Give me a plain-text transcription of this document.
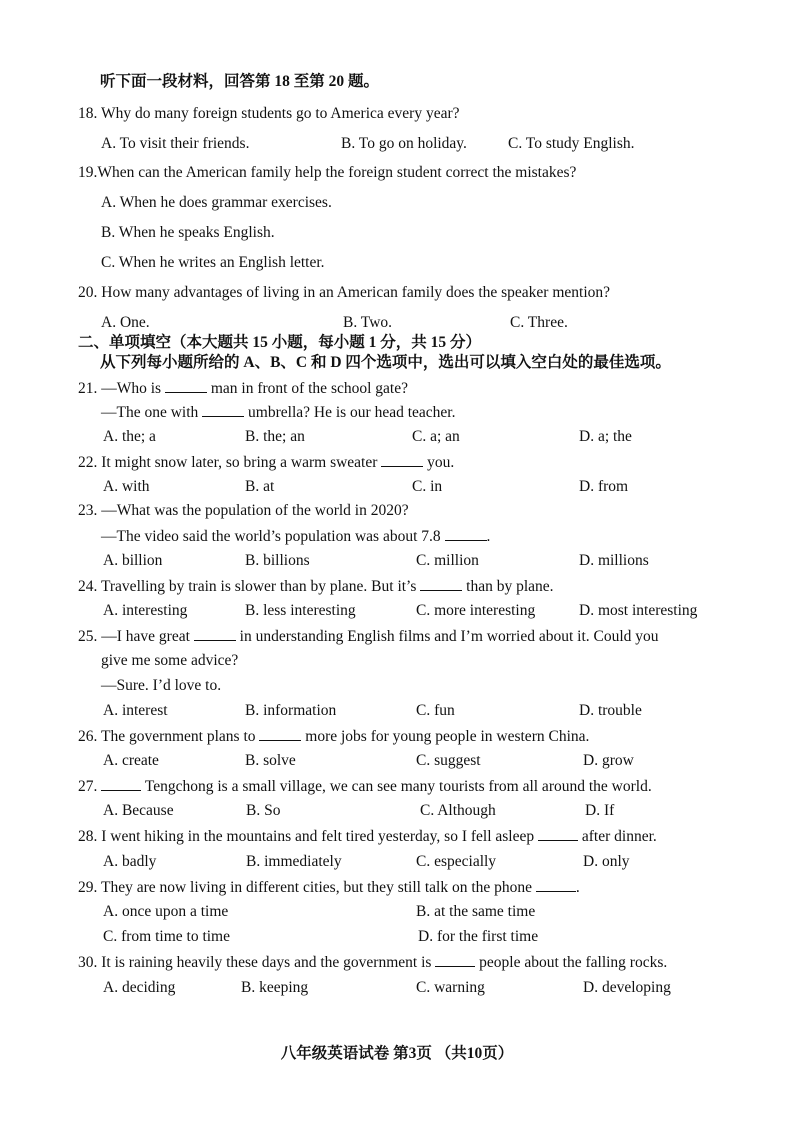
听下面一段材料，回答第 18 至第 20 题。
18. Why do many foreign students go to America every year?
A. To visit their friends.	B. To go on holiday.	C. To study English.
19.When can the American family help the foreign student correct the mistakes?
A. When he does grammar exercises.
B. When he speaks English.
C. When he writes an English letter.
20. How many advantages of living in an American family does the speaker mention?
A. One.	B. Two.	C. Three.
二、单项填空（本大题共 15 小题，每小题 1 分，共 15 分）
从下列每小题所给的 A、B、C 和 D 四个选项中，选出可以填入空白处的最佳选项。
21. —Who is	man in front of the school gate?
—The one with	umbrella? He is our head teacher.
A. the; a	B. the; an	C. a; an	D. a; the
22. It might snow later, so bring a warm sweater	you.
A. with	B. at	C. in	D. from
23. —What was the population of the world in 2020?
—The video said the world’s population was about 7.8	.
A. billion	B. billions	C. million	D. millions
24. Travelling by train is slower than by plane. But it’s	than by plane.
A. interesting	B. less interesting	C. more interesting	D. most interesting
25. —I have great	in understanding English films and I’m worried about it. Could you
give me some advice?
—Sure. I’d love to.
A. interest	B. information	C. fun	D. trouble
26. The government plans to	more jobs for young people in western China.
A. create	B. solve	C. suggest	D. grow
27.	Tengchong is a small village, we can see many tourists from all around the world.
A. Because	B. So	C. Although	D. If
28. I went hiking in the mountains and felt tired yesterday, so I fell asleep	after dinner.
A. badly	B. immediately	C. especially	D. only
29. They are now living in different cities, but they still talk on the phone	.
A. once upon a time	B. at the same time
C. from time to time	D. for the first time
30. It is raining heavily these days and the government is	people about the falling rocks.
A. deciding	B. keeping	C. warning	D. developing
八年级英语试卷 第3页 （共10页）
